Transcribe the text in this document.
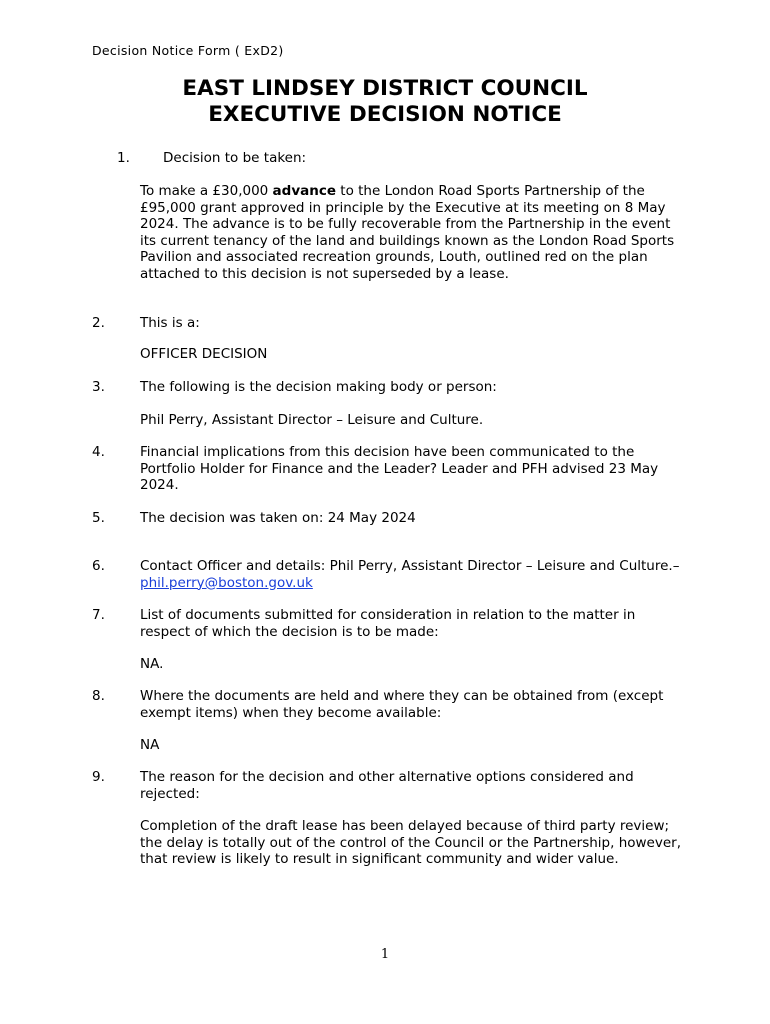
Decision Notice Form ( ExD2)
EAST LINDSEY DISTRICT COUNCIL
EXECUTIVE DECISION NOTICE
1. Decision to be taken:
To make a £30,000 advance to the London Road Sports Partnership of the £95,000 grant approved in principle by the Executive at its meeting on 8 May 2024. The advance is to be fully recoverable from the Partnership in the event its current tenancy of the land and buildings known as the London Road Sports Pavilion and associated recreation grounds, Louth, outlined red on the plan attached to this decision is not superseded by a lease.
2.	This is a:
OFFICER DECISION
3.	The following is the decision making body or person:
Phil Perry, Assistant Director – Leisure and Culture.
4.	Financial implications from this decision have been communicated to the Portfolio Holder for Finance and the Leader? Leader and PFH advised 23 May 2024.
5.	The decision was taken on: 24 May 2024
6.	Contact Officer and details: Phil Perry, Assistant Director – Leisure and Culture.– phil.perry@boston.gov.uk
7.	List of documents submitted for consideration in relation to the matter in respect of which the decision is to be made:
NA.
8.	Where the documents are held and where they can be obtained from (except exempt items) when they become available:
NA
9.	The reason for the decision and other alternative options considered and rejected:
Completion of the draft lease has been delayed because of third party review; the delay is totally out of the control of the Council or the Partnership, however, that review is likely to result in significant community and wider value.
1
